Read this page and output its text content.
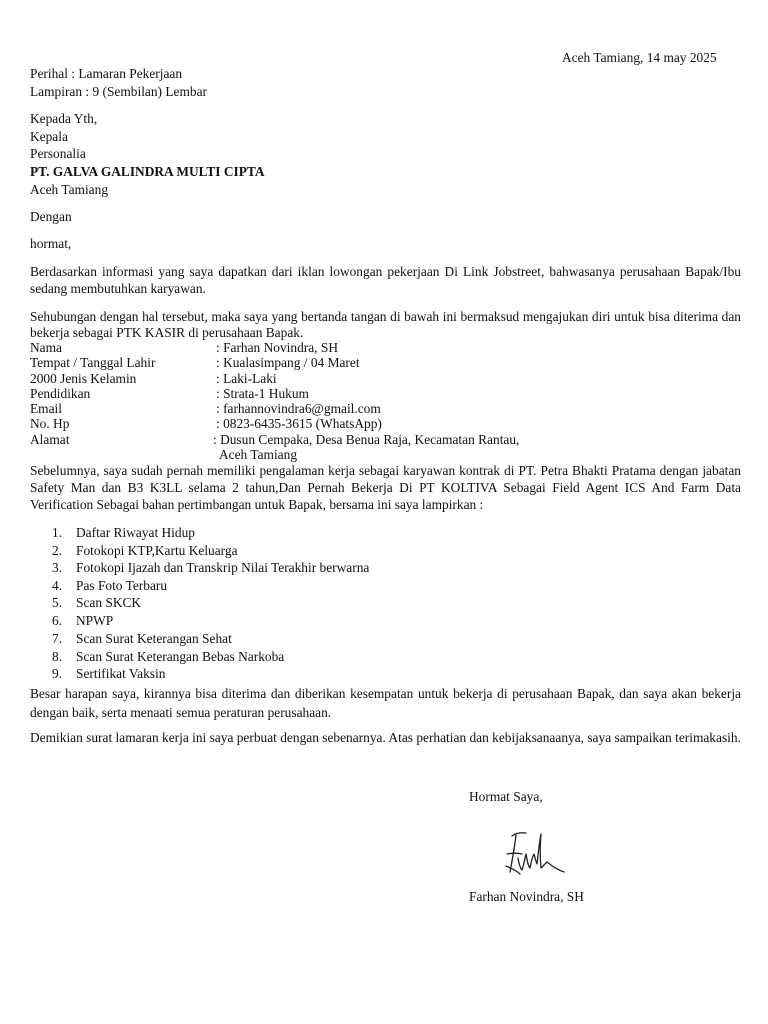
Aceh Tamiang, 14 may 2025
Perihal : Lamaran Pekerjaan
Lampiran : 9 (Sembilan) Lembar
Kepada Yth,
Kepala
Personalia
PT. GALVA GALINDRA MULTI CIPTA
Aceh Tamiang
Dengan
hormat,
Berdasarkan informasi yang saya dapatkan dari iklan lowongan pekerjaan Di Link Jobstreet, bahwasanya perusahaan Bapak/Ibu sedang membutuhkan karyawan.
Sehubungan dengan hal tersebut, maka saya yang bertanda tangan di bawah ini bermaksud mengajukan diri untuk bisa diterima dan bekerja sebagai PTK KASIR di perusahaan Bapak.
Nama	: Farhan Novindra, SH
Tempat / Tanggal Lahir	: Kualasimpang / 04 Maret
2000 Jenis Kelamin	: Laki-Laki
Pendidikan	: Strata-1 Hukum
Email	: farhannovindra6@gmail.com
No. Hp	: 0823-6435-3615 (WhatsApp)
Alamat	: Dusun Cempaka, Desa Benua Raja, Kecamatan Rantau,
Aceh Tamiang
Sebelumnya, saya sudah pernah memiliki pengalaman kerja sebagai karyawan kontrak di PT. Petra Bhakti Pratama dengan jabatan Safety Man dan B3 K3LL selama 2 tahun,Dan Pernah Bekerja Di PT KOLTIVA Sebagai Field Agent ICS And Farm Data Verification Sebagai bahan pertimbangan untuk Bapak, bersama ini saya lampirkan :
1. Daftar Riwayat Hidup
2. Fotokopi KTP,Kartu Keluarga
3. Fotokopi Ijazah dan Transkrip Nilai Terakhir berwarna
4. Pas Foto Terbaru
5. Scan SKCK
6. NPWP
7. Scan Surat Keterangan Sehat
8. Scan Surat Keterangan Bebas Narkoba
9. Sertifikat Vaksin
Besar harapan saya, kirannya bisa diterima dan diberikan kesempatan untuk bekerja di perusahaan Bapak, dan saya akan bekerja dengan baik, serta menaati semua peraturan perusahaan.
Demikian surat lamaran kerja ini saya perbuat dengan sebenarnya. Atas perhatian dan kebijaksanaanya, saya sampaikan terimakasih.
Hormat Saya,
Farhan Novindra, SH
